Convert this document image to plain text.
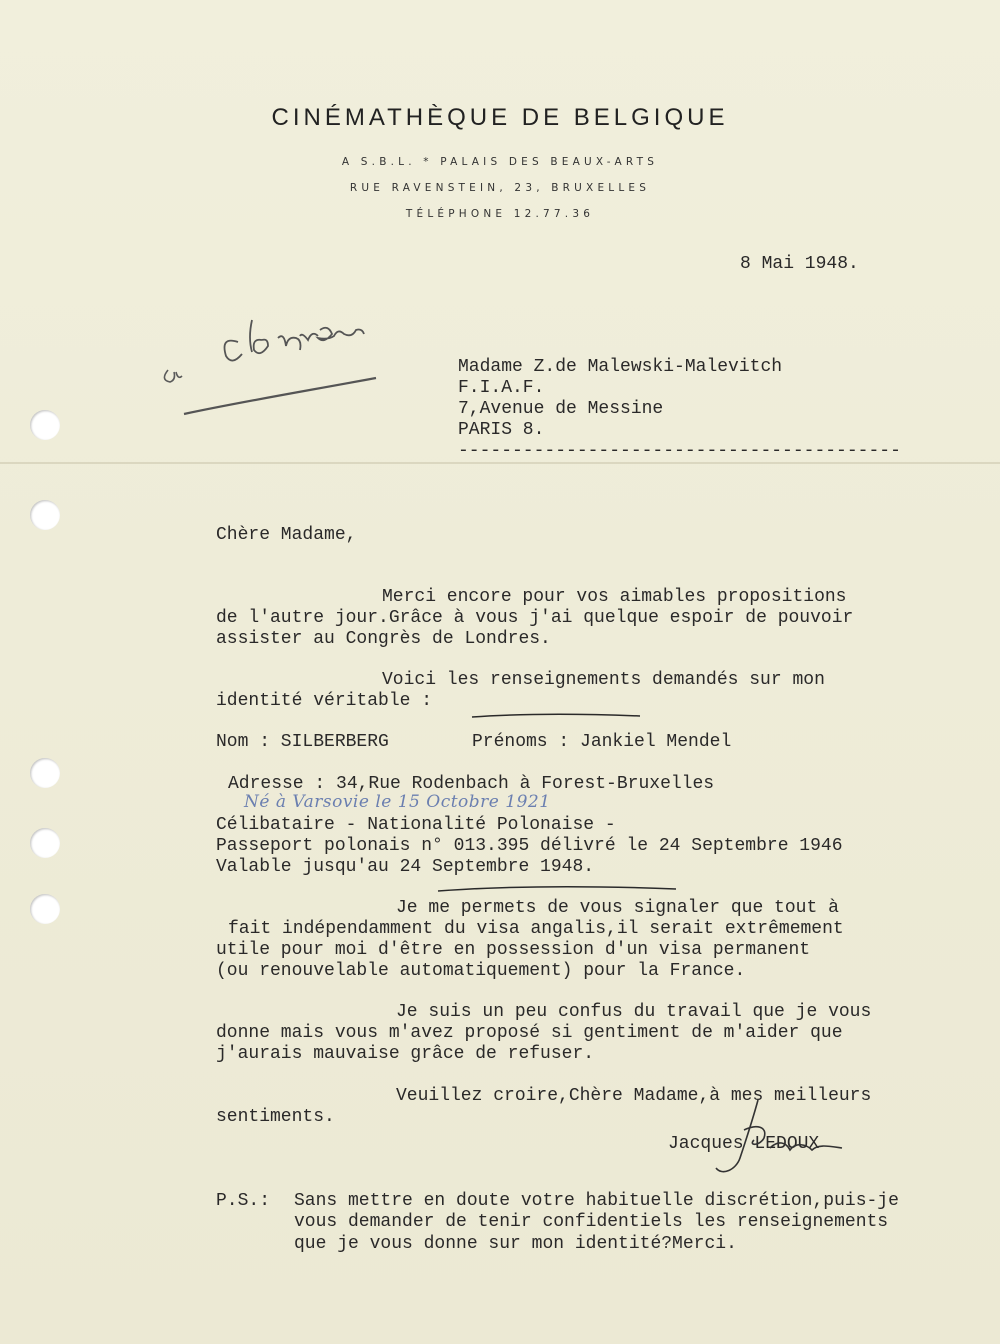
CINÉMATHÈQUE DE BELGIQUE
A S.B.L. * PALAIS DES BEAUX-ARTS
RUE RAVENSTEIN, 23, BRUXELLES
TÉLÉPHONE 12.77.36
8 Mai 1948.
Madame Z.de Malewski-Malevitch
F.I.A.F.
7,Avenue de Messine
PARIS 8.
-----------------------------------------
Chère Madame,
Merci encore pour vos aimables propositions
de l'autre jour.Grâce à vous j'ai quelque espoir de pouvoir
assister au Congrès de Londres.
Voici les renseignements demandés sur mon
identité véritable :
Nom : SILBERBERG	Prénoms : Jankiel Mendel
Adresse : 34,Rue Rodenbach à Forest-Bruxelles
Né à Varsovie le 15 Octobre 1921
Célibataire - Nationalité Polonaise -
Passeport polonais n° 013.395 délivré le 24 Septembre 1946
Valable jusqu'au 24 Septembre 1948.
Je me permets de vous signaler que tout à
fait indépendamment du visa angalis,il serait extrêmement
utile pour moi d'être en possession d'un visa permanent
(ou renouvelable automatiquement) pour la France.
Je suis un peu confus du travail que je vous
donne mais vous m'avez proposé si gentiment de m'aider que
j'aurais mauvaise grâce de refuser.
Veuillez croire,Chère Madame,à mes meilleurs
sentiments.
Jacques LEDOUX
P.S.: Sans mettre en doute votre habituelle discrétion,puis-je
vous demander de tenir confidentiels les renseignements
que je vous donne sur mon identité?Merci.
